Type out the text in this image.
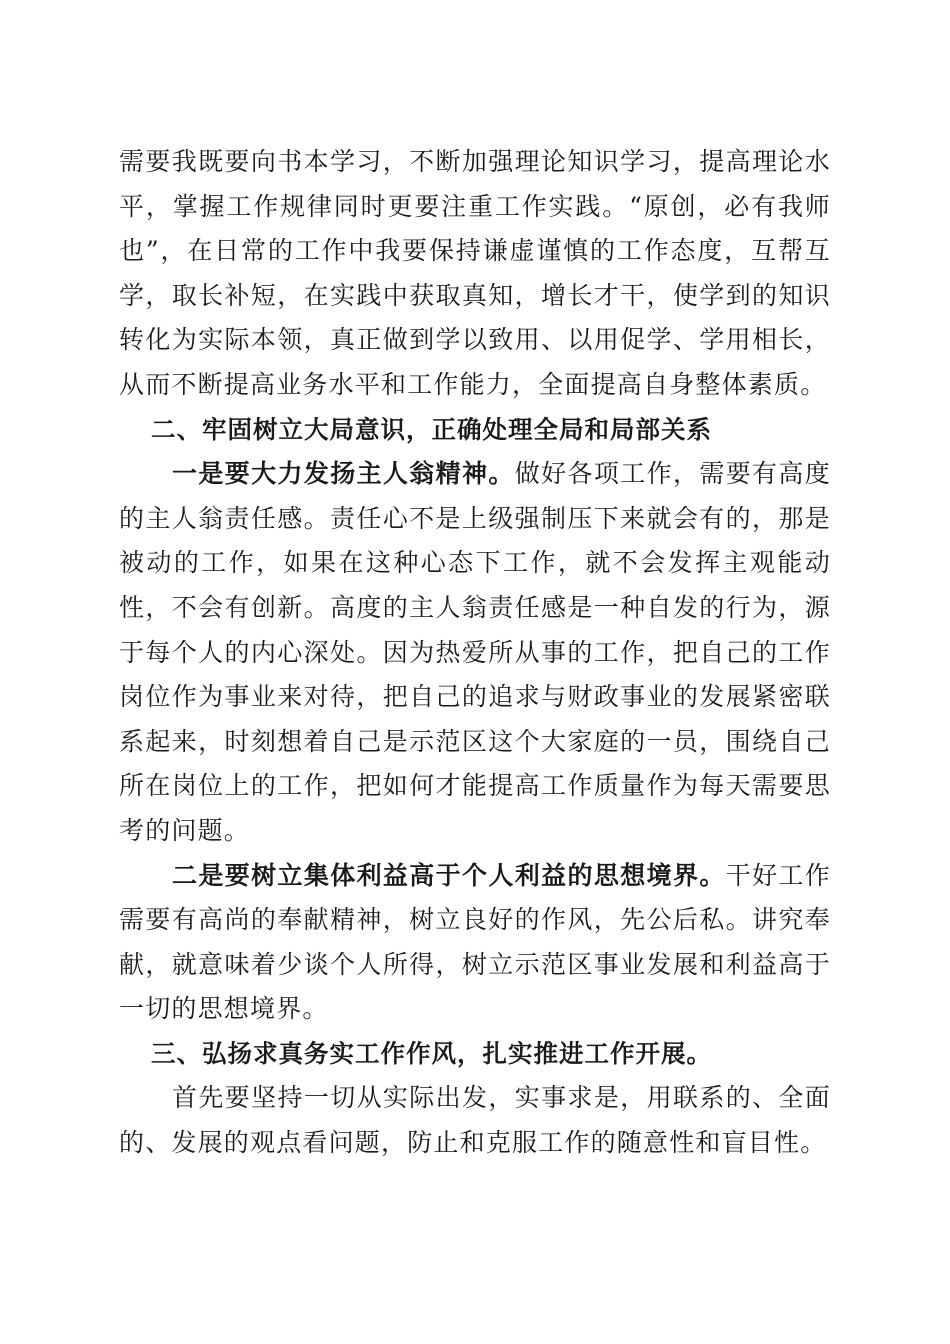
需要我既要向书本学习，不断加强理论知识学习，提高理论水平，掌握工作规律同时更要注重工作实践。“原创，必有我师也”，在日常的工作中我要保持谦虚谨慎的工作态度，互帮互学，取长补短，在实践中获取真知，增长才干，使学到的知识转化为实际本领，真正做到学以致用、以用促学、学用相长，从而不断提高业务水平和工作能力，全面提高自身整体素质。

二、牢固树立大局意识，正确处理全局和局部关系

一是要大力发扬主人翁精神。做好各项工作，需要有高度的主人翁责任感。责任心不是上级强制压下来就会有的，那是被动的工作，如果在这种心态下工作，就不会发挥主观能动性，不会有创新。高度的主人翁责任感是一种自发的行为，源于每个人的内心深处。因为热爱所从事的工作，把自己的工作岗位作为事业来对待，把自己的追求与财政事业的发展紧密联系起来，时刻想着自己是示范区这个大家庭的一员，围绕自己所在岗位上的工作，把如何才能提高工作质量作为每天需要思考的问题。

二是要树立集体利益高于个人利益的思想境界。干好工作需要有高尚的奉献精神，树立良好的作风，先公后私。讲究奉献，就意味着少谈个人所得，树立示范区事业发展和利益高于一切的思想境界。

三、弘扬求真务实工作作风，扎实推进工作开展。

首先要坚持一切从实际出发，实事求是，用联系的、全面的、发展的观点看问题，防止和克服工作的随意性和盲目性。
